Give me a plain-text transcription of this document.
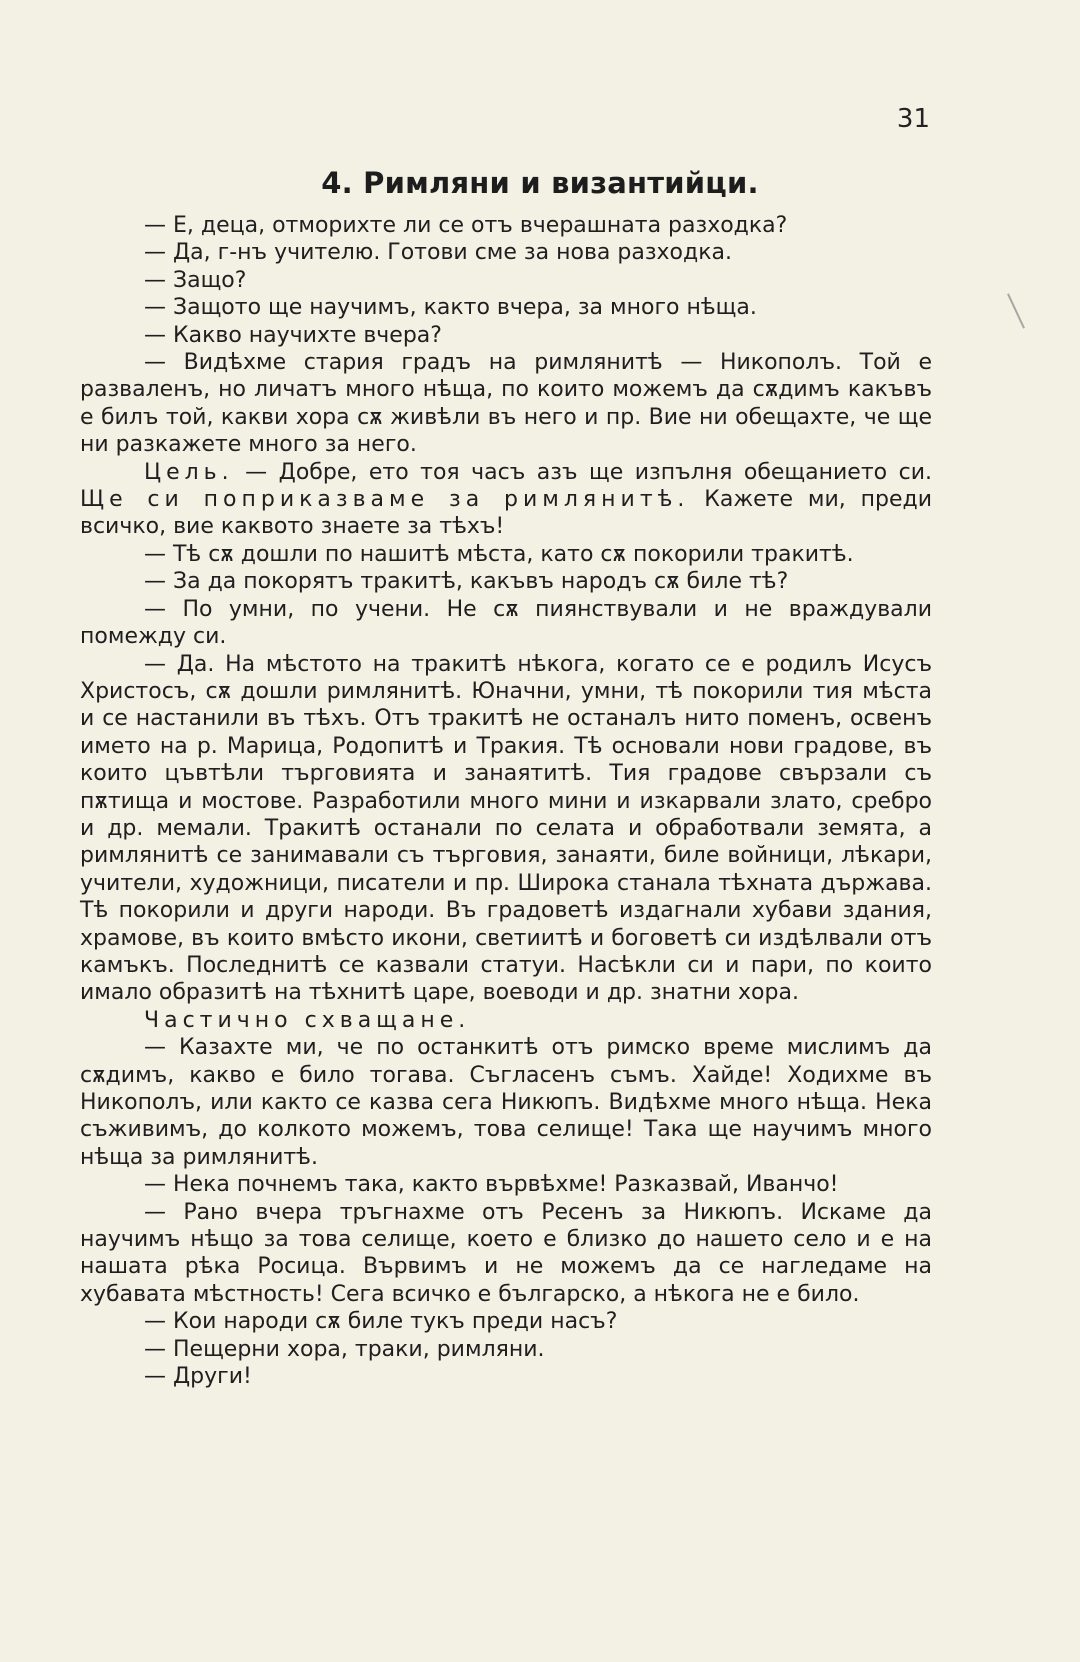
31
4. Римляни и византийци.

— Е, деца, отморихте ли се отъ вчерашната разходка?

— Да, г-нъ учителю. Готови сме за нова разходка.

— Защо?

— Защото ще научимъ, както вчера, за много нѣща.

— Какво научихте вчера?

— Видѣхме стария градъ на римлянитѣ — Никополъ. Той е разваленъ, но личатъ много нѣща, по които можемъ да сѫдимъ какъвъ е билъ той, какви хора сѫ живѣли въ него и пр. Вие ни обещахте, че ще ни разкажете много за него.

Цель. — Добре, ето тоя часъ азъ ще изпълня обещанието си. Ще си поприказваме за римлянитѣ. Кажете ми, преди всичко, вие каквото знаете за тѣхъ!

— Тѣ сѫ дошли по нашитѣ мѣста, като сѫ покорили тракитѣ.

— За да покорятъ тракитѣ, какъвъ народъ сѫ биле тѣ?

— По умни, по учени. Не сѫ пиянствували и не враждували помежду си.

— Да. На мѣстото на тракитѣ нѣкога, когато се е родилъ Исусъ Христосъ, сѫ дошли римлянитѣ. Юначни, умни, тѣ покорили тия мѣста и се настанили въ тѣхъ. Отъ тракитѣ не останалъ нито поменъ, освенъ името на р. Марица, Родопитѣ и Тракия. Тѣ основали нови градове, въ които цъвтѣли търговията и занаятитѣ. Тия градове свързали съ пѫтища и мостове. Разработили много мини и изкарвали злато, сребро и др. мемали. Тракитѣ останали по селата и обработвали земята, а римлянитѣ се занимавали съ търговия, занаяти, биле войници, лѣкари, учители, художници, писатели и пр. Широка станала тѣхната държава. Тѣ покорили и други народи. Въ градоветѣ издагнали хубави здания, храмове, въ които вмѣсто икони, светиитѣ и боговетѣ си издѣлвали отъ камъкъ. Последнитѣ се казвали статуи. Насѣкли си и пари, по които имало образитѣ на тѣхнитѣ царе, воеводи и др. знатни хора.

Частично схващане.

— Казахте ми, че по останкитѣ отъ римско време мислимъ да сѫдимъ, какво е било тогава. Съгласенъ съмъ. Хайде! Ходихме въ Никополъ, или както се казва сега Никюпъ. Видѣхме много нѣща. Нека съживимъ, до колкото можемъ, това селище! Така ще научимъ много нѣща за римлянитѣ.

— Нека почнемъ така, както вървѣхме! Разказвай, Иванчо!

— Рано вчера тръгнахме отъ Ресенъ за Никюпъ. Искаме да научимъ нѣщо за това селище, което е близко до нашето село и е на нашата рѣка Росица. Вървимъ и не можемъ да се нагледаме на хубавата мѣстность! Сега всичко е българско, а нѣкога не е било.

— Кои народи сѫ биле тукъ преди насъ?

— Пещерни хора, траки, римляни.

— Други!
